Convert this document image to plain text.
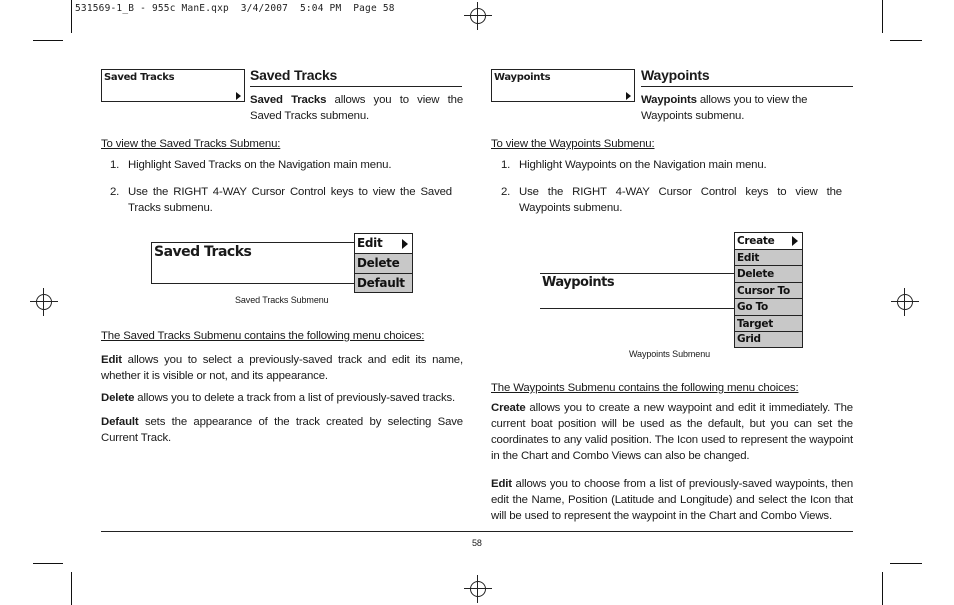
531569-1_B - 955c ManE.qxp  3/4/2007  5:04 PM  Page 58
Saved Tracks	Saved Tracks
Saved Tracks allows you to view the Saved Tracks submenu.
To view the Saved Tracks Submenu:
1. Highlight Saved Tracks on the Navigation main menu.
2. Use the RIGHT 4-WAY Cursor Control keys to view the Saved Tracks submenu.
Saved Tracks
Edit
Delete
Default
Saved Tracks Submenu
The Saved Tracks Submenu contains the following menu choices:
Edit allows you to select a previously-saved track and edit its name, whether it is visible or not, and its appearance.
Delete allows you to delete a track from a list of previously-saved tracks.
Default sets the appearance of the track created by selecting Save Current Track.
Waypoints	Waypoints
Waypoints allows you to view the Waypoints submenu.
To view the Waypoints Submenu:
1. Highlight Waypoints on the Navigation main menu.
2. Use the RIGHT 4-WAY Cursor Control keys to view the Waypoints submenu.
Waypoints
Create
Edit
Delete
Cursor To
Go To
Target
Grid
Waypoints Submenu
The Waypoints Submenu contains the following menu choices:
Create allows you to create a new waypoint and edit it immediately. The current boat position will be used as the default, but you can set the coordinates to any valid position. The Icon used to represent the waypoint in the Chart and Combo Views can also be changed.
Edit allows you to choose from a list of previously-saved waypoints, then edit the Name, Position (Latitude and Longitude) and select the Icon that will be used to represent the waypoint in the Chart and Combo Views.
58
